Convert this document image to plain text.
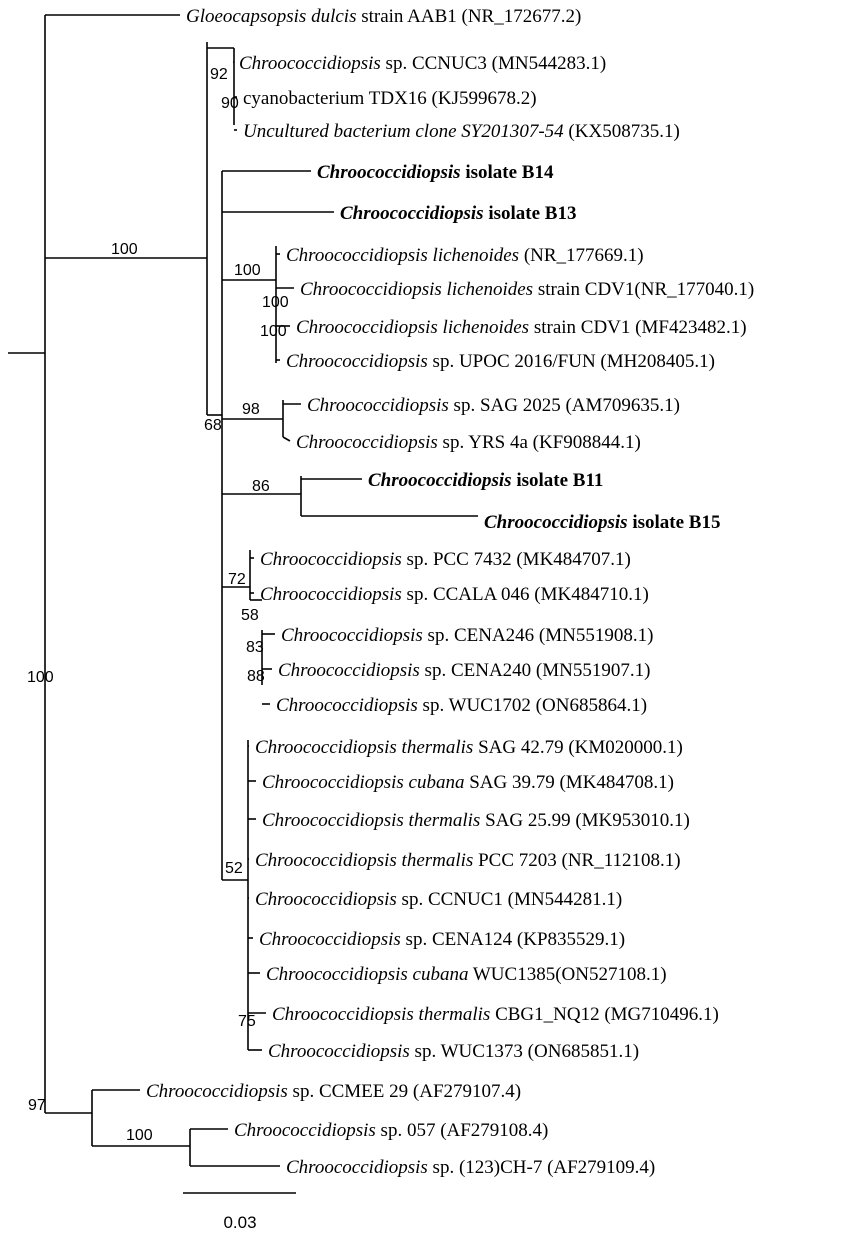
Gloeocapsopsis dulcis strain AAB1 (NR_172677.2)
Chroococcidiopsis sp. CCNUC3 (MN544283.1)
cyanobacterium TDX16 (KJ599678.2)
Uncultured bacterium clone SY201307-54 (KX508735.1)
Chroococcidiopsis isolate B14
Chroococcidiopsis isolate B13
Chroococcidiopsis lichenoides (NR_177669.1)
Chroococcidiopsis lichenoides strain CDV1(NR_177040.1)
Chroococcidiopsis lichenoides strain CDV1 (MF423482.1)
Chroococcidiopsis sp. UPOC 2016/FUN (MH208405.1)
Chroococcidiopsis sp. SAG 2025 (AM709635.1)
Chroococcidiopsis sp. YRS 4a (KF908844.1)
Chroococcidiopsis isolate B11
Chroococcidiopsis isolate B15
Chroococcidiopsis sp. PCC 7432 (MK484707.1)
Chroococcidiopsis sp. CCALA 046 (MK484710.1)
Chroococcidiopsis sp. CENA246 (MN551908.1)
Chroococcidiopsis sp. CENA240 (MN551907.1)
Chroococcidiopsis sp. WUC1702 (ON685864.1)
Chroococcidiopsis thermalis SAG 42.79 (KM020000.1)
Chroococcidiopsis cubana SAG 39.79 (MK484708.1)
Chroococcidiopsis thermalis SAG 25.99 (MK953010.1)
Chroococcidiopsis thermalis PCC 7203 (NR_112108.1)
Chroococcidiopsis sp. CCNUC1 (MN544281.1)
Chroococcidiopsis sp. CENA124 (KP835529.1)
Chroococcidiopsis cubana WUC1385(ON527108.1)
Chroococcidiopsis thermalis CBG1_NQ12 (MG710496.1)
Chroococcidiopsis sp. WUC1373 (ON685851.1)
Chroococcidiopsis sp. CCMEE 29 (AF279107.4)
Chroococcidiopsis sp. 057 (AF279108.4)
Chroococcidiopsis sp. (123)CH-7 (AF279109.4)
92
90
100
100
100
100
98
68
86
72
58
83
88
52
75
97
100
100
0.03
